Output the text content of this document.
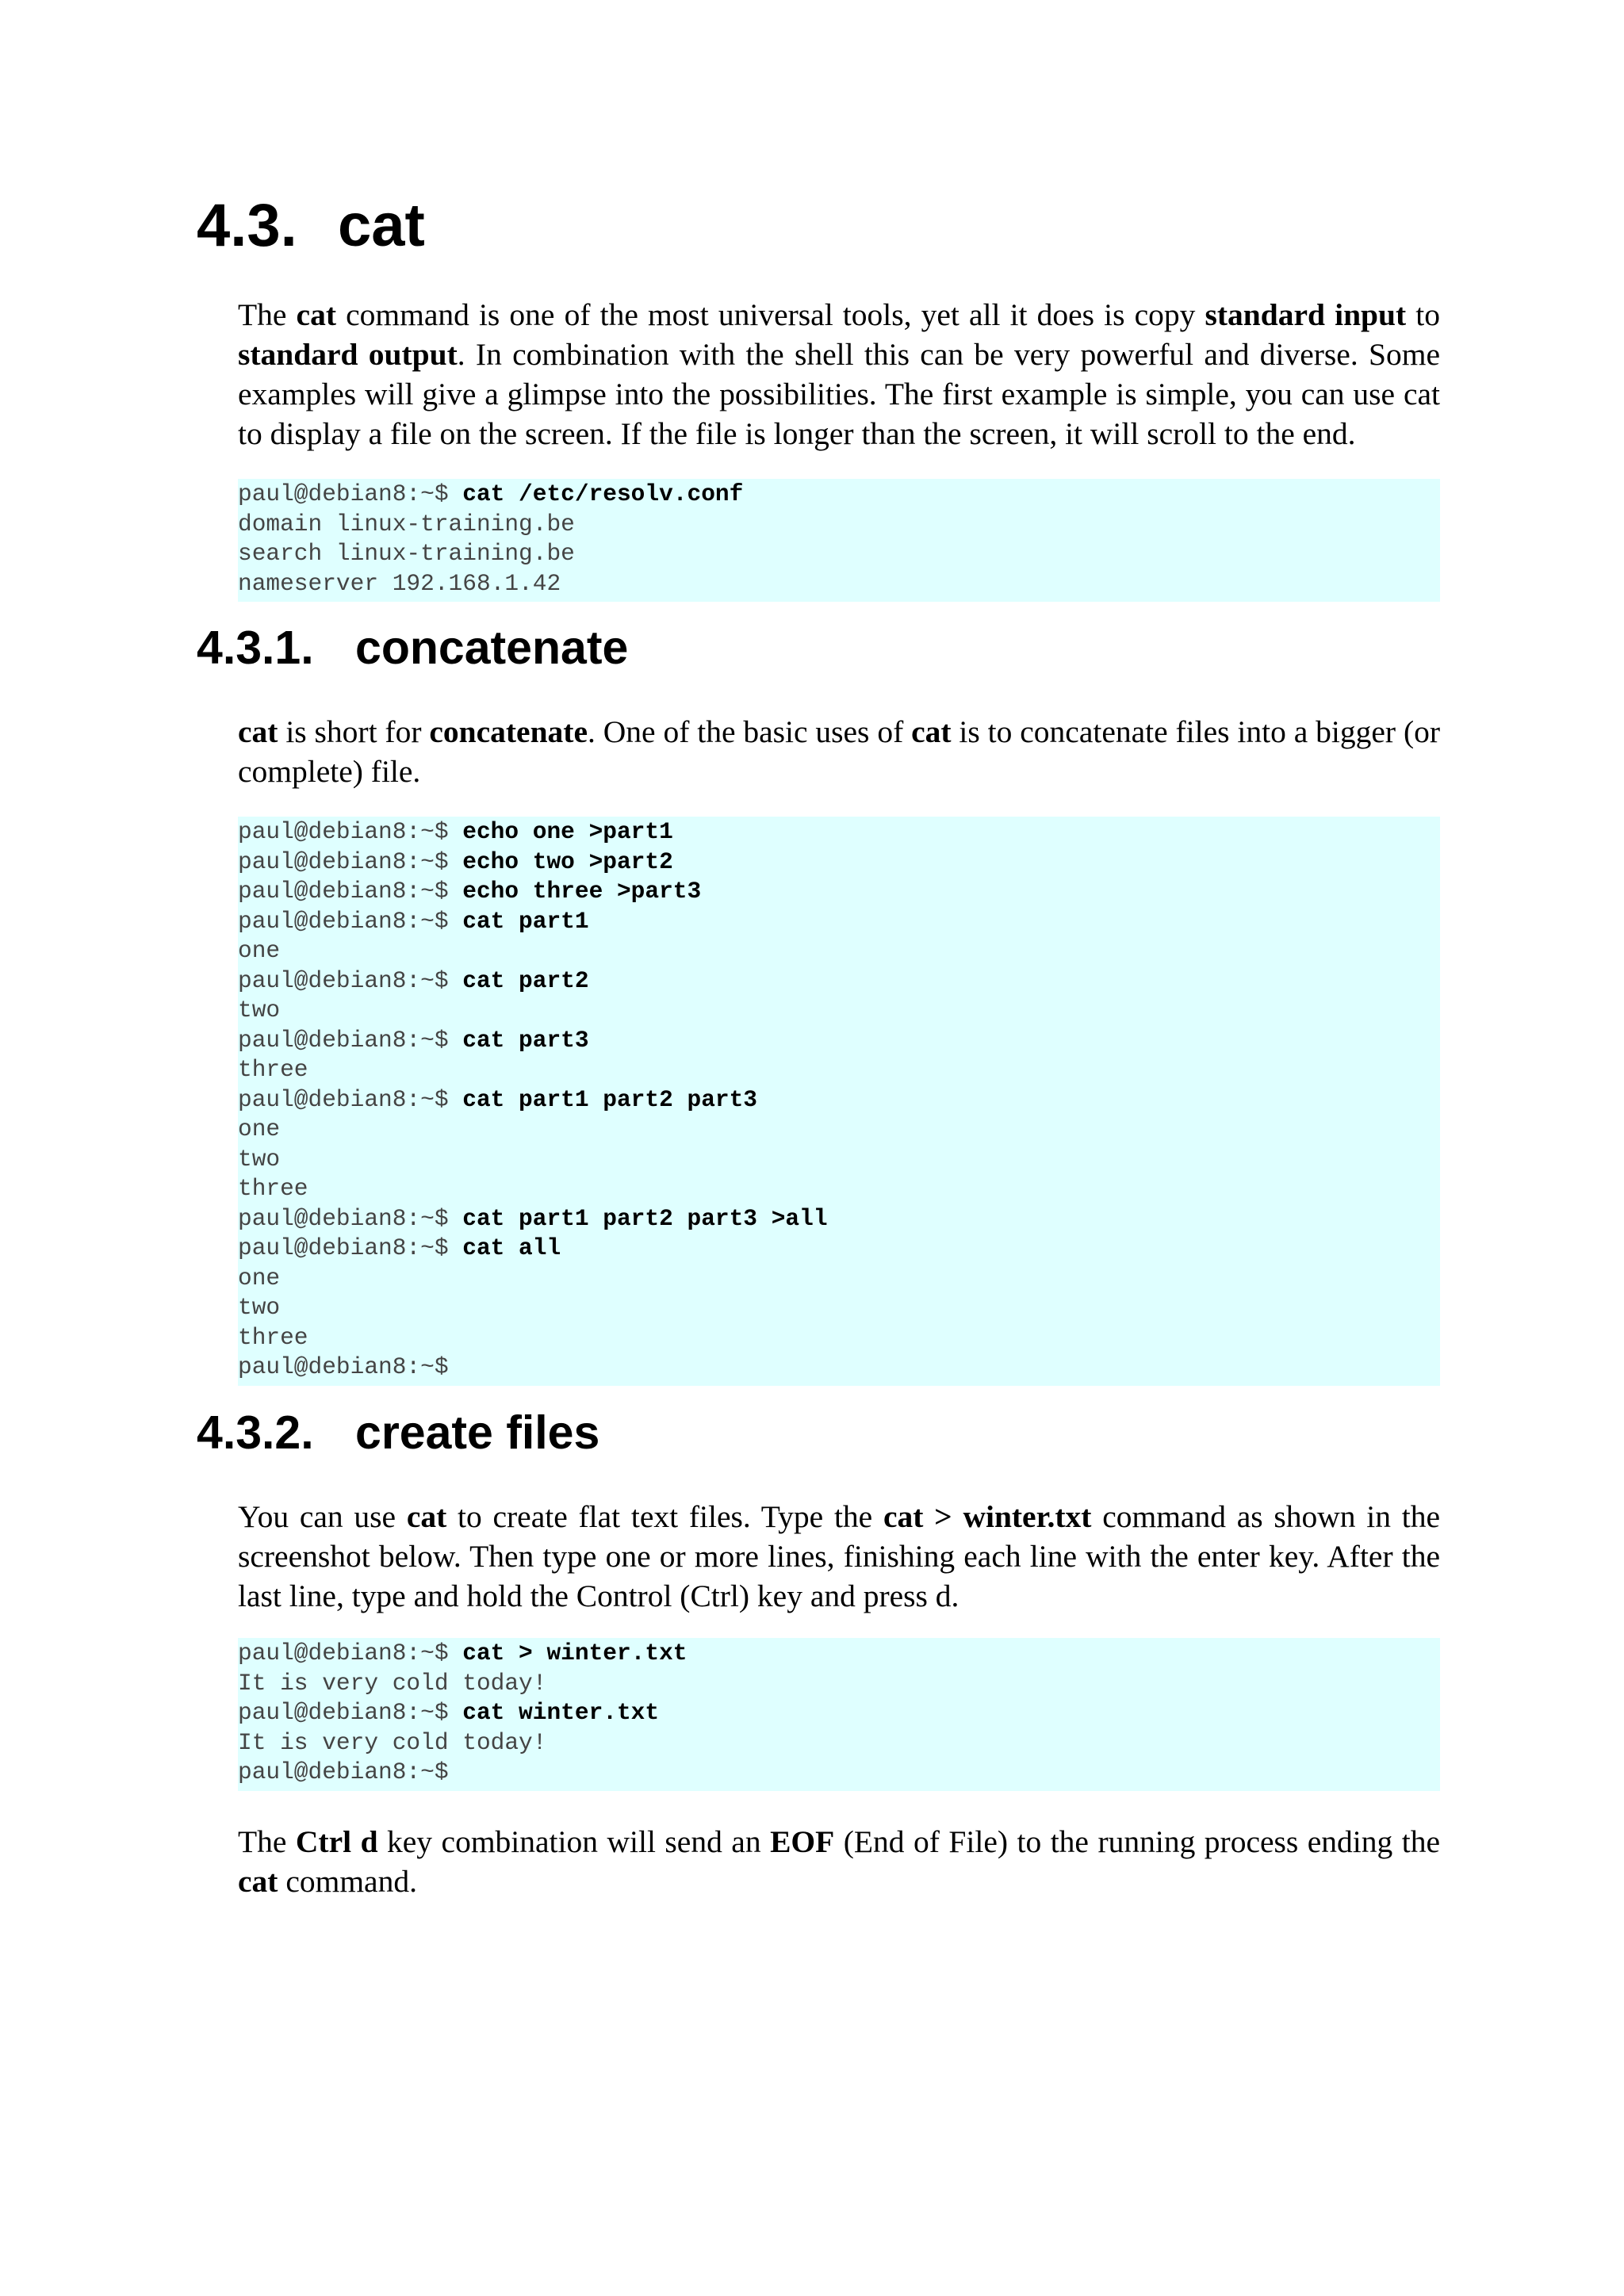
4.3. cat

The cat command is one of the most universal tools, yet all it does is copy standard input to standard output. In combination with the shell this can be very powerful and diverse. Some examples will give a glimpse into the possibilities. The first example is simple, you can use cat to display a file on the screen. If the file is longer than the screen, it will scroll to the end.

paul@debian8:~$ cat /etc/resolv.conf
domain linux-training.be
search linux-training.be
nameserver 192.168.1.42
4.3.1. concatenate

cat is short for concatenate. One of the basic uses of cat is to concatenate files into a bigger (or complete) file.

paul@debian8:~$ echo one >part1
paul@debian8:~$ echo two >part2
paul@debian8:~$ echo three >part3
paul@debian8:~$ cat part1
one
paul@debian8:~$ cat part2
two
paul@debian8:~$ cat part3
three
paul@debian8:~$ cat part1 part2 part3
one
two
three
paul@debian8:~$ cat part1 part2 part3 >all
paul@debian8:~$ cat all
one
two
three
paul@debian8:~$
4.3.2. create files

You can use cat to create flat text files. Type the cat > winter.txt command as shown in the screenshot below. Then type one or more lines, finishing each line with the enter key. After the last line, type and hold the Control (Ctrl) key and press d.

paul@debian8:~$ cat > winter.txt
It is very cold today!
paul@debian8:~$ cat winter.txt
It is very cold today!
paul@debian8:~$

The Ctrl d key combination will send an EOF (End of File) to the running process ending the cat command.
